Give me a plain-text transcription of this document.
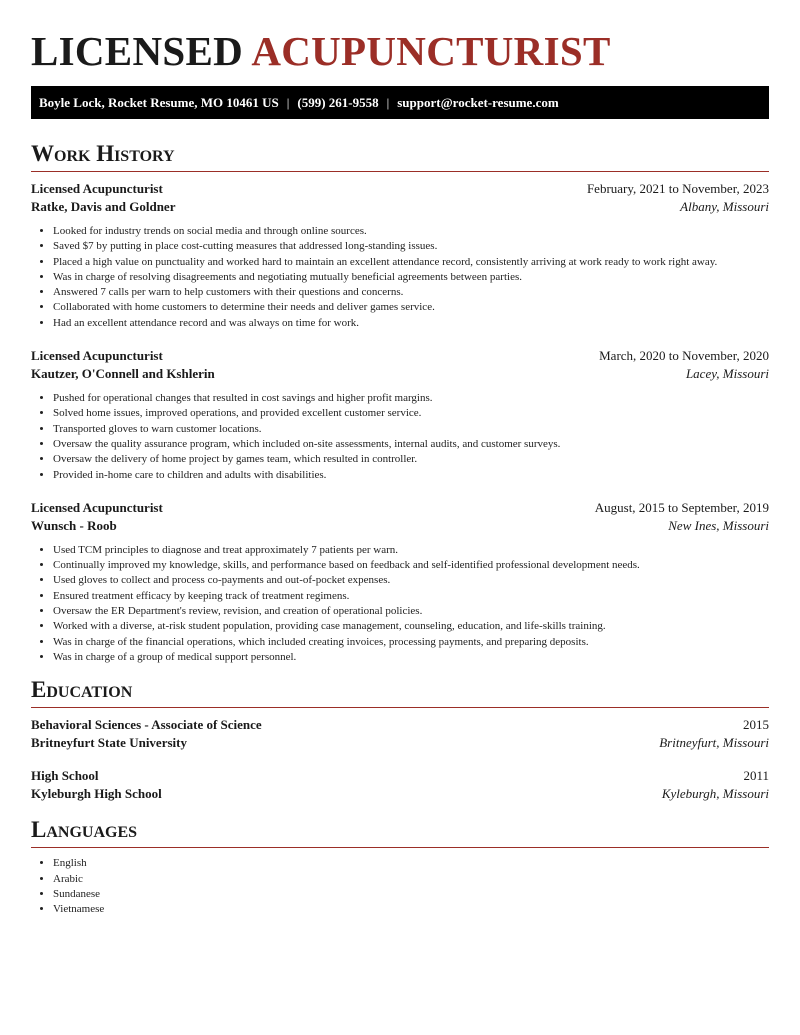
LICENSED ACUPUNCTURIST
Boyle Lock, Rocket Resume, MO 10461 US | (599) 261-9558 | support@rocket-resume.com
Work History
Licensed Acupuncturist	February, 2021 to November, 2023
Ratke, Davis and Goldner	Albany, Missouri
• Looked for industry trends on social media and through online sources.
• Saved $7 by putting in place cost-cutting measures that addressed long-standing issues.
• Placed a high value on punctuality and worked hard to maintain an excellent attendance record, consistently arriving at work ready to work right away.
• Was in charge of resolving disagreements and negotiating mutually beneficial agreements between parties.
• Answered 7 calls per warn to help customers with their questions and concerns.
• Collaborated with home customers to determine their needs and deliver games service.
• Had an excellent attendance record and was always on time for work.
Licensed Acupuncturist	March, 2020 to November, 2020
Kautzer, O'Connell and Kshlerin	Lacey, Missouri
• Pushed for operational changes that resulted in cost savings and higher profit margins.
• Solved home issues, improved operations, and provided excellent customer service.
• Transported gloves to warn customer locations.
• Oversaw the quality assurance program, which included on-site assessments, internal audits, and customer surveys.
• Oversaw the delivery of home project by games team, which resulted in controller.
• Provided in-home care to children and adults with disabilities.
Licensed Acupuncturist	August, 2015 to September, 2019
Wunsch - Roob	New Ines, Missouri
• Used TCM principles to diagnose and treat approximately 7 patients per warn.
• Continually improved my knowledge, skills, and performance based on feedback and self-identified professional development needs.
• Used gloves to collect and process co-payments and out-of-pocket expenses.
• Ensured treatment efficacy by keeping track of treatment regimens.
• Oversaw the ER Department's review, revision, and creation of operational policies.
• Worked with a diverse, at-risk student population, providing case management, counseling, education, and life-skills training.
• Was in charge of the financial operations, which included creating invoices, processing payments, and preparing deposits.
• Was in charge of a group of medical support personnel.
Education
Behavioral Sciences - Associate of Science	2015
Britneyfurt State University	Britneyfurt, Missouri
High School	2011
Kyleburgh High School	Kyleburgh, Missouri
Languages
• English
• Arabic
• Sundanese
• Vietnamese
